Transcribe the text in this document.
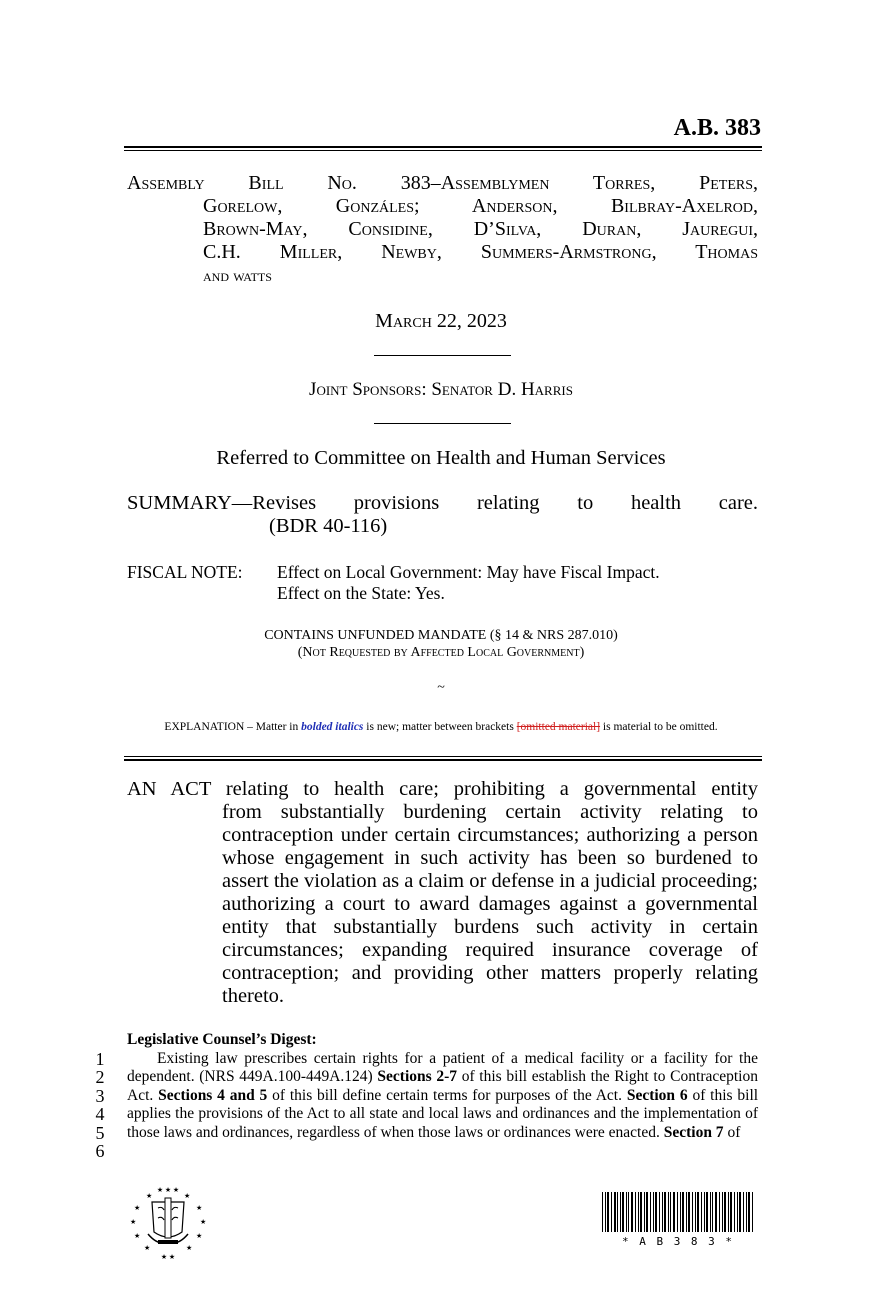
A.B. 383
Assembly Bill No. 383–Assemblymen Torres, Peters,
Gorelow, Gonzáles; Anderson, Bilbray-Axelrod,
Brown-May, Considine, D’Silva, Duran, Jauregui,
C.H. Miller, Newby, Summers-Armstrong, Thomas
and watts
March 22, 2023
Joint Sponsors: Senator D. Harris
Referred to Committee on Health and Human Services
SUMMARY—Revises provisions relating to health care.
(BDR 40-116)
FISCAL NOTE: Effect on Local Government: May have Fiscal Impact.
Effect on the State: Yes.
CONTAINS UNFUNDED MANDATE (§ 14 & NRS 287.010)
(Not Requested by Affected Local Government)
~
EXPLANATION – Matter in bolded italics is new; matter between brackets [omitted material] is material to be omitted.
AN ACT relating to health care; prohibiting a governmental entity
from substantially burdening certain activity relating to contraception under certain circumstances; authorizing a person whose engagement in such activity has been so burdened to assert the violation as a claim or defense in a judicial proceeding; authorizing a court to award damages against a governmental entity that substantially burdens such activity in certain circumstances; expanding required insurance coverage of contraception; and providing other matters properly relating thereto.
Legislative Counsel’s Digest:
1
2
3
4
5
6

Existing law prescribes certain rights for a patient of a medical facility or a facility for the dependent. (NRS 449A.100-449A.124) Sections 2-7 of this bill establish the Right to Contraception Act. Sections 4 and 5 of this bill define certain terms for purposes of the Act. Section 6 of this bill applies the provisions of the Act to all state and local laws and ordinances and the implementation of those laws and ordinances, regardless of when those laws or ordinances were enacted. Section 7 of

★ ★ ★
★	★
★	★
★	★
★	★
★	★
★ ★
* A B 3 8 3 *
